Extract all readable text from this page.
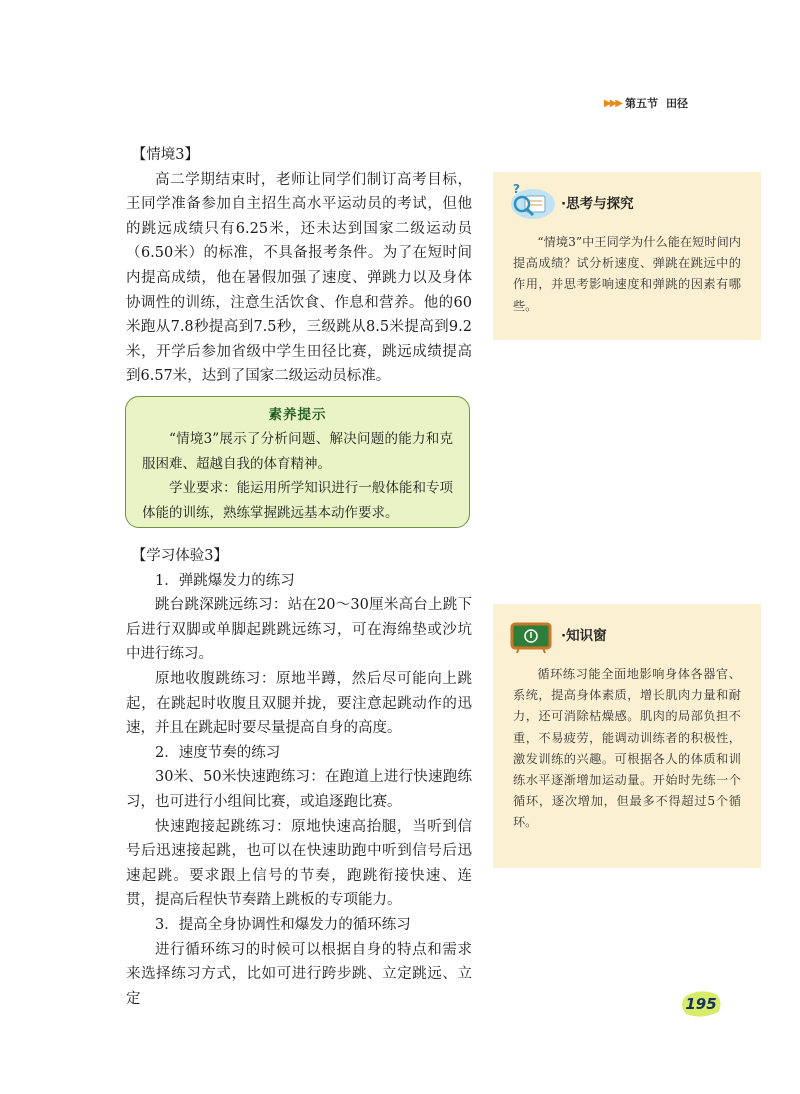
▶▶▶ 第五节 田径

【情境3】

高二学期结束时，老师让同学们制订高考目标，王同学准备参加自主招生高水平运动员的考试，但他的跳远成绩只有6.25米，还未达到国家二级运动员（6.50米）的标准，不具备报考条件。为了在短时间内提高成绩，他在暑假加强了速度、弹跳力以及身体协调性的训练，注意生活饮食、作息和营养。他的60米跑从7.8秒提高到7.5秒，三级跳从8.5米提高到9.2米，开学后参加省级中学生田径比赛，跳远成绩提高到6.57米，达到了国家二级运动员标准。

素养提示

“情境3”展示了分析问题、解决问题的能力和克服困难、超越自我的体育精神。

学业要求：能运用所学知识进行一般体能和专项体能的训练，熟练掌握跳远基本动作要求。

【学习体验3】

1．弹跳爆发力的练习

跳台跳深跳远练习：站在20～30厘米高台上跳下后进行双脚或单脚起跳跳远练习，可在海绵垫或沙坑中进行练习。

原地收腹跳练习：原地半蹲，然后尽可能向上跳起，在跳起时收腹且双腿并拢，要注意起跳动作的迅速，并且在跳起时要尽量提高自身的高度。

2．速度节奏的练习

30米、50米快速跑练习：在跑道上进行快速跑练习，也可进行小组间比赛，或追逐跑比赛。

快速跑接起跳练习：原地快速高抬腿，当听到信号后迅速接起跳，也可以在快速助跑中听到信号后迅速起跳。要求跟上信号的节奏，跑跳衔接快速、连贯，提高后程快节奏踏上跳板的专项能力。

3．提高全身协调性和爆发力的循环练习

进行循环练习的时候可以根据自身的特点和需求来选择练习方式，比如可进行跨步跳、立定跳远、立定

?
·思考与探究

“情境3”中王同学为什么能在短时间内提高成绩？试分析速度、弹跳在跳远中的作用，并思考影响速度和弹跳的因素有哪些。

·知识窗

循环练习能全面地影响身体各器官、系统，提高身体素质，增长肌肉力量和耐力，还可消除枯燥感。肌肉的局部负担不重，不易疲劳，能调动训练者的积极性，激发训练的兴趣。可根据各人的体质和训练水平逐渐增加运动量。开始时先练一个循环，逐次增加，但最多不得超过5个循环。

195
